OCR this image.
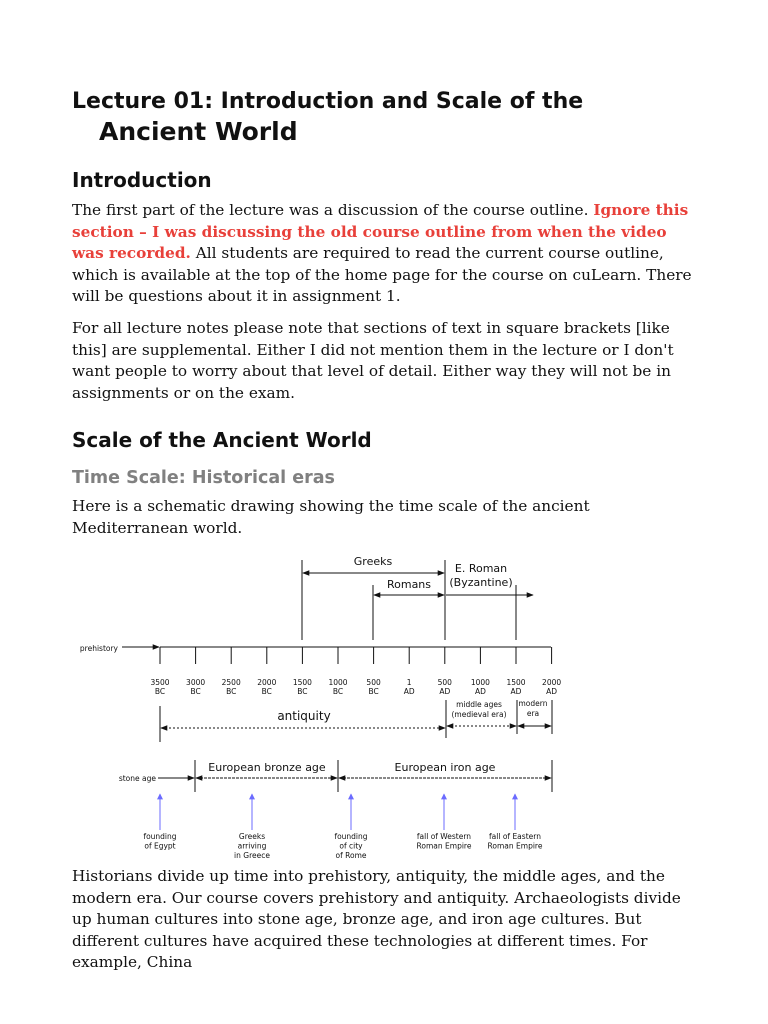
Lecture 01: Introduction and Scale of the
Ancient World
Introduction

The first part of the lecture was a discussion of the course outline. Ignore this section – I was discussing the old course outline from when the video was recorded. All students are required to read the current course outline, which is available at the top of the home page for the course on cuLearn. There will be questions about it in assignment 1.

For all lecture notes please note that sections of text in square brackets [like this] are supplemental. Either I did not mention them in the lecture or I don't want people to worry about that level of detail. Either way they will not be in assignments or on the exam.

Scale of the Ancient World
Time Scale: Historical eras

Here is a schematic drawing showing the time scale of the ancient Mediterranean world.

Historians divide up time into prehistory, antiquity, the middle ages, and the modern era. Our course covers prehistory and antiquity. Archaeologists divide up human cultures into stone age, bronze age, and iron age cultures. But different cultures have acquired these technologies at different times. For example, China

Greeks
Romans
E. Roman
(Byzantine)
prehistory
3500
BC
3000
BC
2500
BC
2000
BC
1500
BC
1000
BC
500
BC
1
AD
500
AD
1000
AD
1500
AD
2000
AD
antiquity
middle ages
(medieval era)
modern
era
stone age
European bronze age	European iron age
founding
of Egypt
Greeks
arriving
in Greece
founding
of city
of Rome
fall of Western
Roman Empire
fall of Eastern
Roman Empire
